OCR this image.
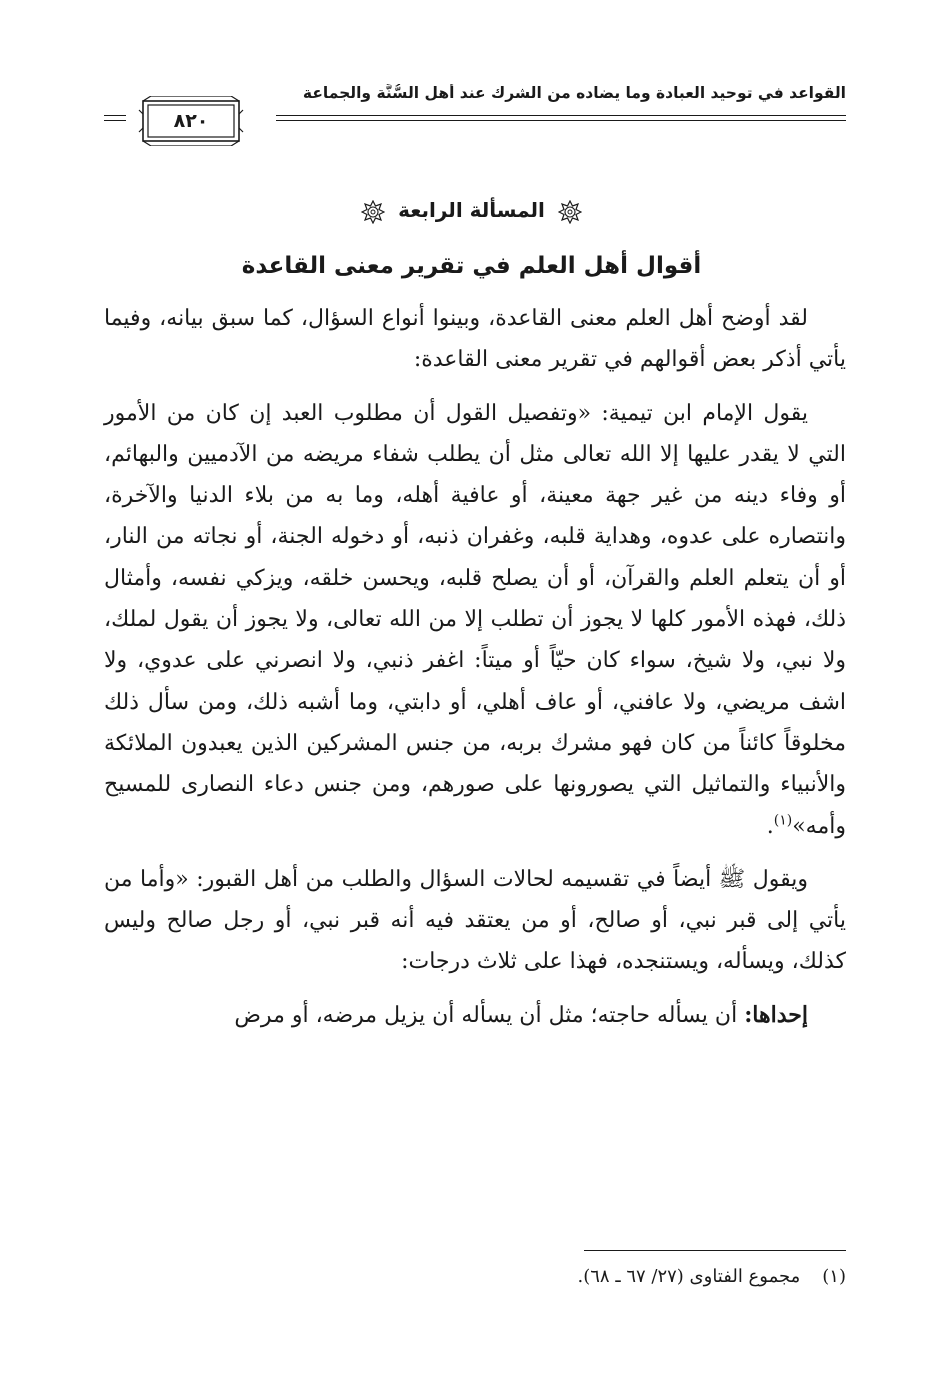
القواعد في توحيد العبادة وما يضاده من الشرك عند أهل السُّنَّة والجماعة
٨٢٠
المسألة الرابعة
أقوال أهل العلم في تقرير معنى القاعدة

لقد أوضح أهل العلم معنى القاعدة، وبينوا أنواع السؤال، كما سبق بيانه، وفيما يأتي أذكر بعض أقوالهم في تقرير معنى القاعدة:

يقول الإمام ابن تيمية: «وتفصيل القول أن مطلوب العبد إن كان من الأمور التي لا يقدر عليها إلا الله تعالى مثل أن يطلب شفاء مريضه من الآدميين والبهائم، أو وفاء دينه من غير جهة معينة، أو عافية أهله، وما به من بلاء الدنيا والآخرة، وانتصاره على عدوه، وهداية قلبه، وغفران ذنبه، أو دخوله الجنة، أو نجاته من النار، أو أن يتعلم العلم والقرآن، أو أن يصلح قلبه، ويحسن خلقه، ويزكي نفسه، وأمثال ذلك، فهذه الأمور كلها لا يجوز أن تطلب إلا من الله تعالى، ولا يجوز أن يقول لملك، ولا نبي، ولا شيخ، سواء كان حيّاً أو ميتاً: اغفر ذنبي، ولا انصرني على عدوي، ولا اشف مريضي، ولا عافني، أو عاف أهلي، أو دابتي، وما أشبه ذلك، ومن سأل ذلك مخلوقاً كائناً من كان فهو مشرك بربه، من جنس المشركين الذين يعبدون الملائكة والأنبياء والتماثيل التي يصورونها على صورهم، ومن جنس دعاء النصارى للمسيح وأمه»$^{(١)}$.

ويقول ﷺ أيضاً في تقسيمه لحالات السؤال والطلب من أهل القبور: «وأما من يأتي إلى قبر نبي، أو صالح، أو من يعتقد فيه أنه قبر نبي، أو رجل صالح وليس كذلك، ويسأله، ويستنجده، فهذا على ثلاث درجات:

إحداها: أن يسأله حاجته؛ مثل أن يسأله أن يزيل مرضه، أو مرض

(١)مجموع الفتاوى (٢٧/ ٦٧ ـ ٦٨).
